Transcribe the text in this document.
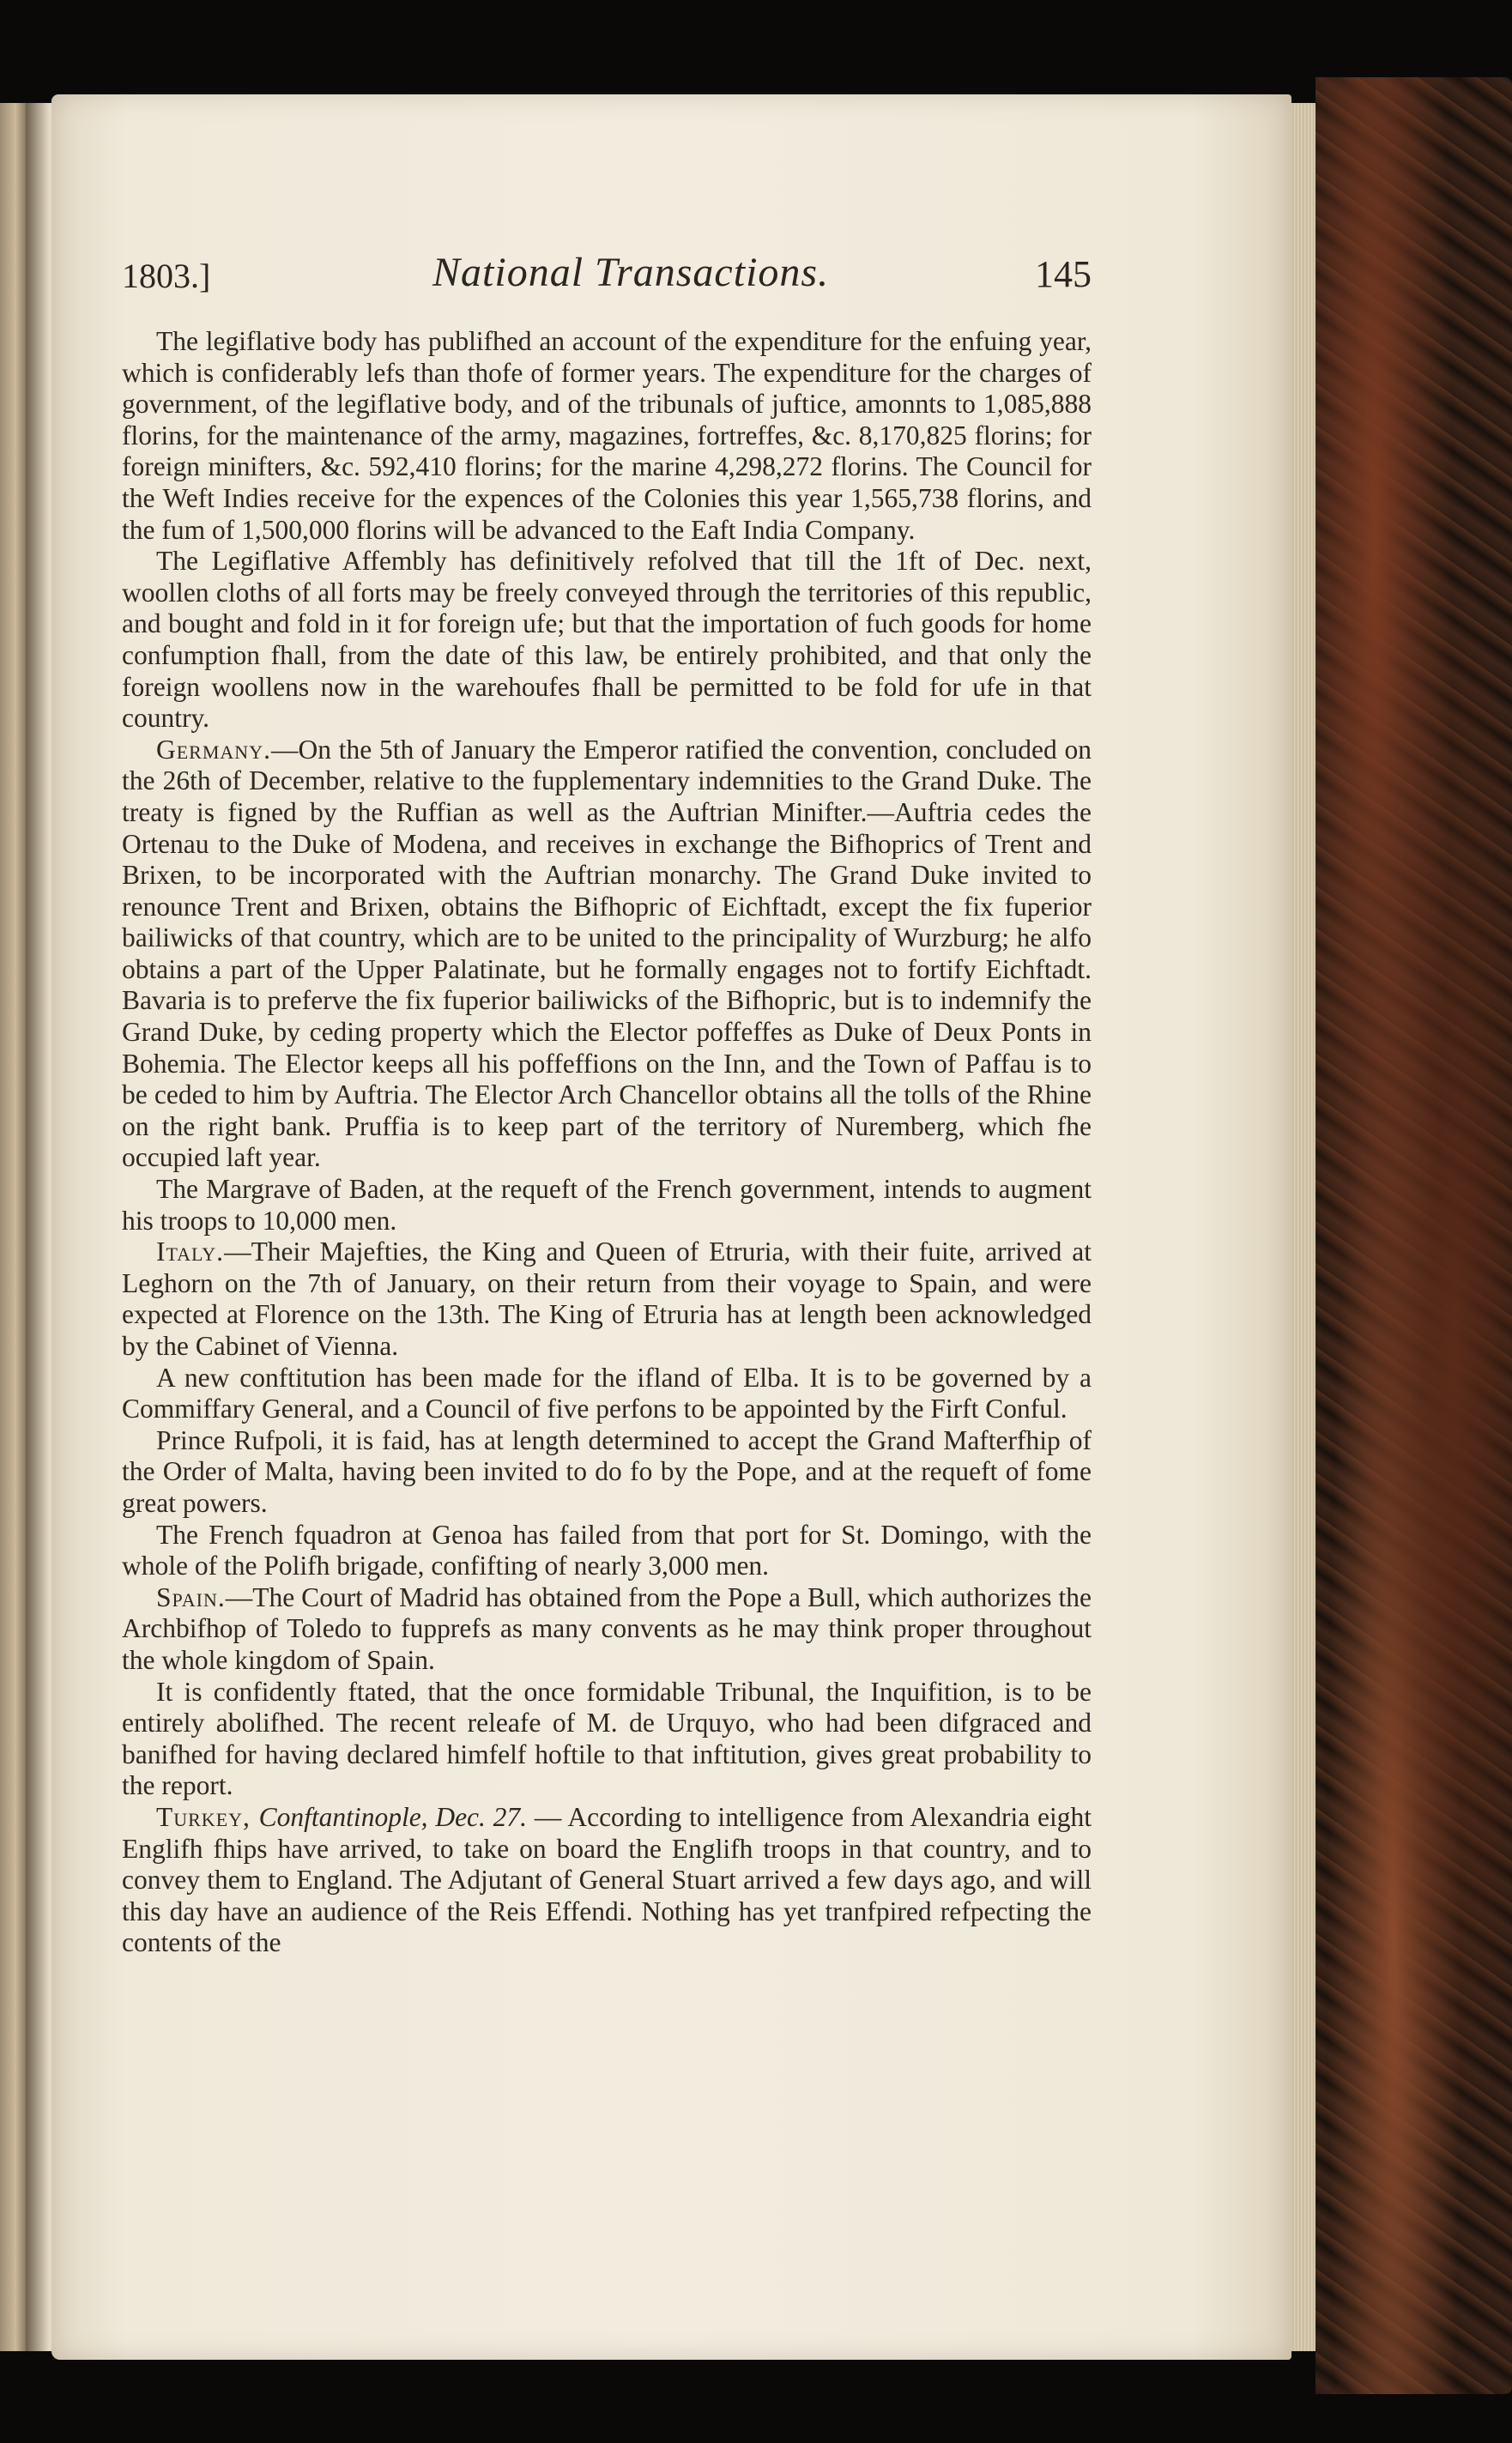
1803.]	National Transactions.	145

The legiflative body has publifhed an account of the expenditure for the enfuing year, which is confiderably lefs than thofe of former years. The expenditure for the charges of government, of the legiflative body, and of the tribunals of juftice, amonnts to 1,085,888 florins, for the maintenance of the army, magazines, fortreffes, &c. 8,170,825 florins; for foreign minifters, &c. 592,410 florins; for the marine 4,298,272 florins. The Council for the Weft Indies receive for the expences of the Colonies this year 1,565,738 florins, and the fum of 1,500,000 florins will be advanced to the Eaft India Company.

The Legiflative Affembly has definitively refolved that till the 1ft of Dec. next, woollen cloths of all forts may be freely conveyed through the territories of this republic, and bought and fold in it for foreign ufe; but that the importation of fuch goods for home confumption fhall, from the date of this law, be entirely prohibited, and that only the foreign woollens now in the warehoufes fhall be permitted to be fold for ufe in that country.

Germany.—On the 5th of January the Emperor ratified the convention, concluded on the 26th of December, relative to the fupplementary indemnities to the Grand Duke. The treaty is figned by the Ruffian as well as the Auftrian Minifter.—Auftria cedes the Ortenau to the Duke of Modena, and receives in exchange the Bifhoprics of Trent and Brixen, to be incorporated with the Auftrian monarchy. The Grand Duke invited to renounce Trent and Brixen, obtains the Bifhopric of Eichftadt, except the fix fuperior bailiwicks of that country, which are to be united to the principality of Wurzburg; he alfo obtains a part of the Upper Palatinate, but he formally engages not to fortify Eichftadt. Bavaria is to preferve the fix fuperior bailiwicks of the Bifhopric, but is to indemnify the Grand Duke, by ceding property which the Elector poffeffes as Duke of Deux Ponts in Bohemia. The Elector keeps all his poffeffions on the Inn, and the Town of Paffau is to be ceded to him by Auftria. The Elector Arch Chancellor obtains all the tolls of the Rhine on the right bank. Pruffia is to keep part of the territory of Nuremberg, which fhe occupied laft year.

The Margrave of Baden, at the requeft of the French government, intends to augment his troops to 10,000 men.

Italy.—Their Majefties, the King and Queen of Etruria, with their fuite, arrived at Leghorn on the 7th of January, on their return from their voyage to Spain, and were expected at Florence on the 13th. The King of Etruria has at length been acknowledged by the Cabinet of Vienna.

A new conftitution has been made for the ifland of Elba. It is to be governed by a Commiffary General, and a Council of five perfons to be appointed by the Firft Conful.

Prince Rufpoli, it is faid, has at length determined to accept the Grand Mafterfhip of the Order of Malta, having been invited to do fo by the Pope, and at the requeft of fome great powers.

The French fquadron at Genoa has failed from that port for St. Domingo, with the whole of the Polifh brigade, confifting of nearly 3,000 men.

Spain.—The Court of Madrid has obtained from the Pope a Bull, which authorizes the Archbifhop of Toledo to fupprefs as many convents as he may think proper throughout the whole kingdom of Spain.

It is confidently ftated, that the once formidable Tribunal, the Inquifition, is to be entirely abolifhed. The recent releafe of M. de Urquyo, who had been difgraced and banifhed for having declared himfelf hoftile to that inftitution, gives great probability to the report.

Turkey, Conftantinople, Dec. 27. — According to intelligence from Alexandria eight Englifh fhips have arrived, to take on board the Englifh troops in that country, and to convey them to England. The Adjutant of General Stuart arrived a few days ago, and will this day have an audience of the Reis Effendi. Nothing has yet tranfpired refpecting the contents of the
